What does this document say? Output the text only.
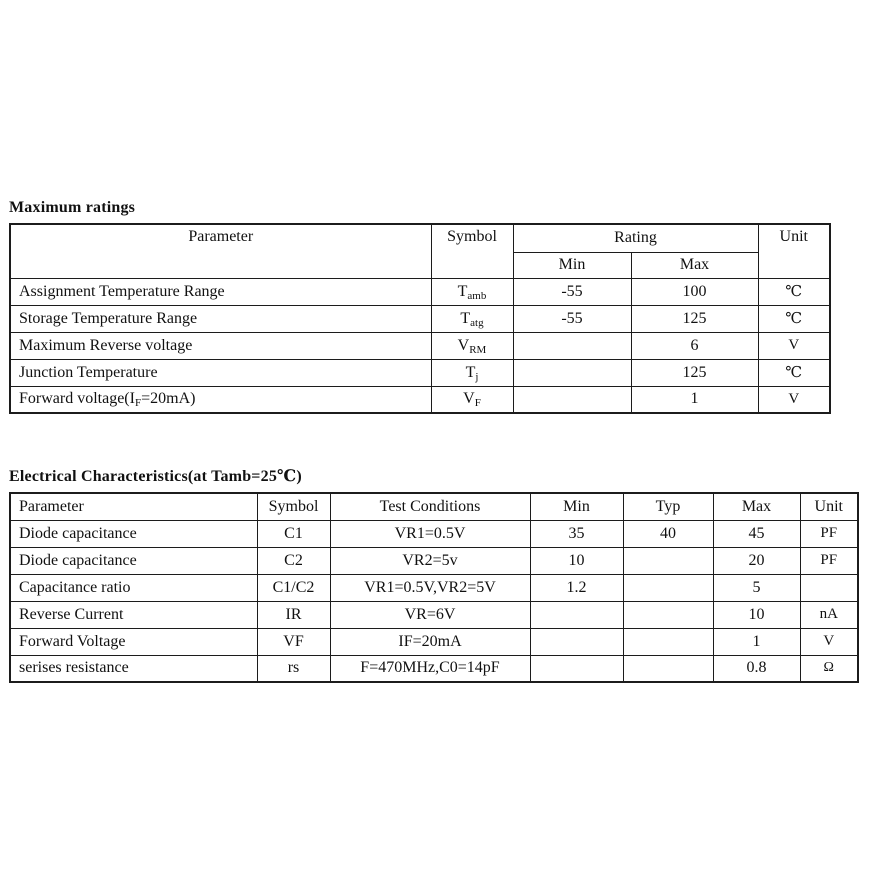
Maximum ratings
Parameter	Symbol	Rating		Unit
		Min	Max	
Assignment Temperature Range	$T_{amb}$	-55	100	℃
Storage Temperature Range	$T_{atg}$	-55	125	℃
Maximum Reverse voltage	$V_{RM}$		6	V
Junction Temperature	$T_j$		125	℃
Forward $voltage(I_F=20mA)$	$V_F$		1	V
Electrical Characteristics(at Tamb=25℃)
Parameter	Symbol	Test Conditions	Min	Typ	Max	Unit
Diode capacitance	C1	VR1=0.5V	35	40	45	PF
Diode capacitance	C2	VR2=5v	10		20	PF
Capacitance ratio	C1/C2	VR1=0.5V,VR2=5V	1.2		5	
Reverse Current	IR	VR=6V			10	nA
Forward Voltage	VF	IF=20mA			1	V
serises resistance	rs	F=470MHz,C0=14pF			0.8	Ω
